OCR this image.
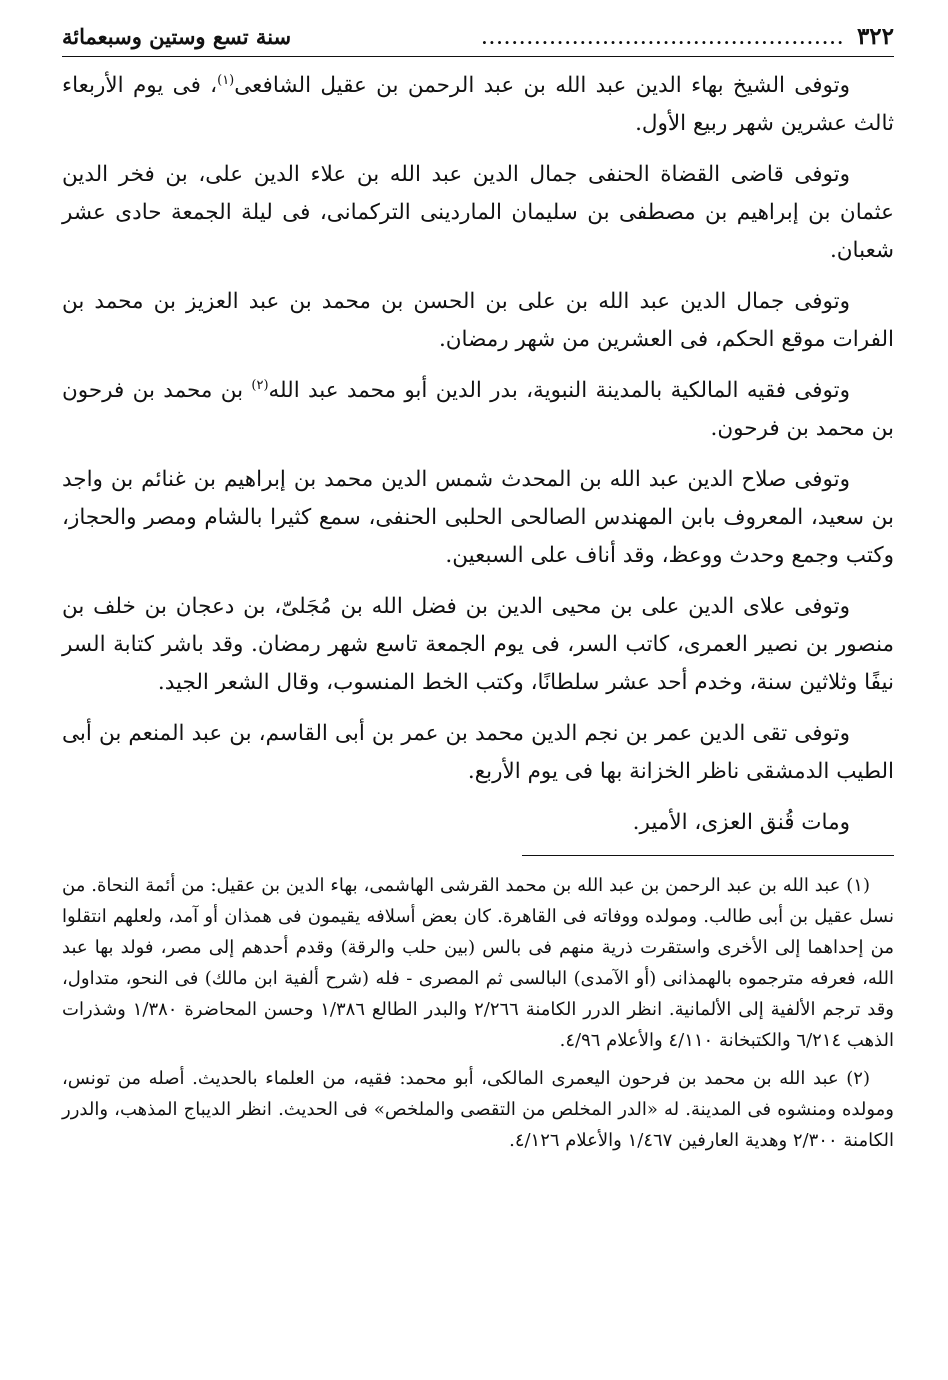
٣٢٢
................................................
سنة تسع وستين وسبعمائة

وتوفى الشيخ بهاء الدين عبد الله بن عبد الرحمن بن عقيل الشافعى$^{(١)}$، فى يوم الأربعاء ثالث عشرين شهر ربيع الأول.

وتوفى قاضى القضاة الحنفى جمال الدين عبد الله بن علاء الدين على، بن فخر الدين عثمان بن إبراهيم بن مصطفى بن سليمان الماردينى التركمانى، فى ليلة الجمعة حادى عشر شعبان.

وتوفى جمال الدين عبد الله بن على بن الحسن بن محمد بن عبد العزيز بن محمد بن الفرات موقع الحكم، فى العشرين من شهر رمضان.

وتوفى فقيه المالكية بالمدينة النبوية، بدر الدين أبو محمد عبد الله$^{(٢)}$ بن محمد بن فرحون بن محمد بن فرحون.

وتوفى صلاح الدين عبد الله بن المحدث شمس الدين محمد بن إبراهيم بن غنائم بن واجد بن سعيد، المعروف بابن المهندس الصالحى الحلبى الحنفى، سمع كثيرا بالشام ومصر والحجاز، وكتب وجمع وحدث ووعظ، وقد أناف على السبعين.

وتوفى علاى الدين على بن محيى الدين بن فضل الله بن مُجَلىّ، بن دعجان بن خلف بن منصور بن نصير العمرى، كاتب السر، فى يوم الجمعة تاسع شهر رمضان. وقد باشر كتابة السر نيفًا وثلاثين سنة، وخدم أحد عشر سلطانًا، وكتب الخط المنسوب، وقال الشعر الجيد.

وتوفى تقى الدين عمر بن نجم الدين محمد بن عمر بن أبى القاسم، بن عبد المنعم بن أبى الطيب الدمشقى ناظر الخزانة بها فى يوم الأربع.

ومات قُنق العزى، الأمير.

(١) عبد الله بن عبد الرحمن بن عبد الله بن محمد القرشى الهاشمى، بهاء الدين بن عقيل: من أئمة النحاة. من نسل عقيل بن أبى طالب. ومولده ووفاته فى القاهرة. كان بعض أسلافه يقيمون فى همذان أو آمد، ولعلهم انتقلوا من إحداهما إلى الأخرى واستقرت ذرية منهم فى بالس (بين حلب والرقة) وقدم أحدهم إلى مصر، فولد بها عبد الله، فعرفه مترجموه بالهمذانى (أو الآمدى) البالسى ثم المصرى - فله (شرح ألفية ابن مالك) فى النحو، متداول، وقد ترجم الألفية إلى الألمانية. انظر الدرر الكامنة ٢/٢٦٦ والبدر الطالع ١/٣٨٦ وحسن المحاضرة ١/٣٨٠ وشذرات الذهب ٦/٢١٤ والكتبخانة ٤/١١٠ والأعلام ٤/٩٦.

(٢) عبد الله بن محمد بن فرحون اليعمرى المالكى، أبو محمد: فقيه، من العلماء بالحديث. أصله من تونس، ومولده ومنشوه فى المدينة. له «الدر المخلص من التقصى والملخص» فى الحديث. انظر الديباج المذهب، والدرر الكامنة ٢/٣٠٠ وهدية العارفين ١/٤٦٧ والأعلام ٤/١٢٦.
